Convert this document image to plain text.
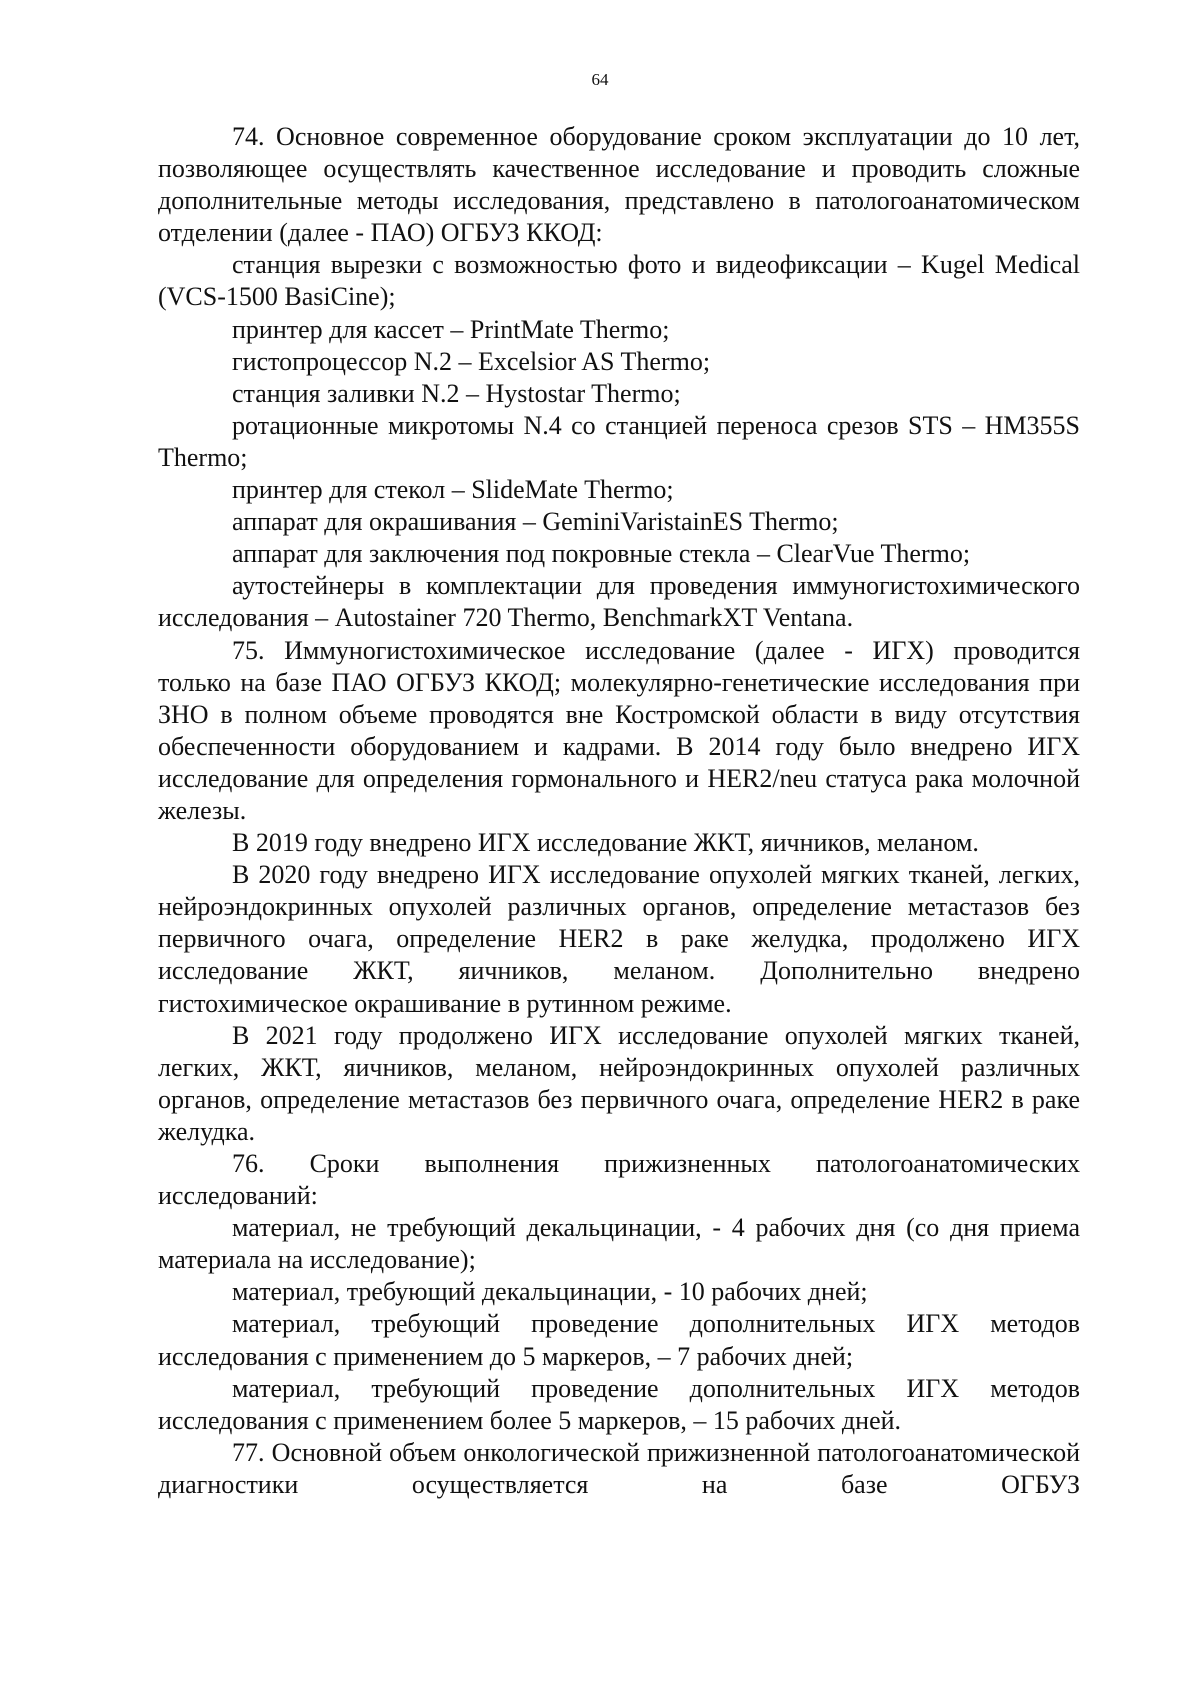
64

74. Основное современное оборудование сроком эксплуатации до 10 лет, позволяющее осуществлять качественное исследование и проводить сложные дополнительные методы исследования, представлено в патологоанатомическом отделении (далее - ПАО) ОГБУЗ ККОД:

станция вырезки с возможностью фото и видеофиксации – Kugel Medical (VCS-1500 BasiCine);

принтер для кассет – PrintMate Thermo;

гистопроцессор N.2 – Excelsior AS Thermo;

станция заливки N.2 – Hystostar Thermo;

ротационные микротомы N.4 со станцией переноса срезов STS – HM355S Thermo;

принтер для стекол – SlideMate Thermo;

аппарат для окрашивания – GeminiVaristainES Thermo;

аппарат для заключения под покровные стекла – ClearVue Thermo;

аутостейнеры в комплектации для проведения иммуногистохимического исследования – Autostainer 720 Thermo, BenchmarkXT Ventana.

75. Иммуногистохимическое исследование (далее - ИГХ) проводится только на базе ПАО ОГБУЗ ККОД; молекулярно-генетические исследования при ЗНО в полном объеме проводятся вне Костромской области в виду отсутствия обеспеченности оборудованием и кадрами. В 2014 году было внедрено ИГХ исследование для определения гормонального и HER2/neu статуса рака молочной железы.

В 2019 году внедрено ИГХ исследование ЖКТ, яичников, меланом.

В 2020 году внедрено ИГХ исследование опухолей мягких тканей, легких, нейроэндокринных опухолей различных органов, определение метастазов без первичного очага, определение HER2 в раке желудка, продолжено ИГХ исследование ЖКТ, яичников, меланом. Дополнительно внедрено гистохимическое окрашивание в рутинном режиме.

В 2021 году продолжено ИГХ исследование опухолей мягких тканей, легких, ЖКТ, яичников, меланом, нейроэндокринных опухолей различных органов, определение метастазов без первичного очага, определение HER2 в раке желудка.

76. Сроки выполнения прижизненных патологоанатомических исследований:

материал, не требующий декальцинации, - 4 рабочих дня (со дня приема материала на исследование);

материал, требующий декальцинации, - 10 рабочих дней;

материал, требующий проведение дополнительных ИГХ методов исследования с применением до 5 маркеров, – 7 рабочих дней;

материал, требующий проведение дополнительных ИГХ методов исследования с применением более 5 маркеров, – 15 рабочих дней.

77. Основной объем онкологической прижизненной патологоанатомической диагностики осуществляется на базе ОГБУЗ
